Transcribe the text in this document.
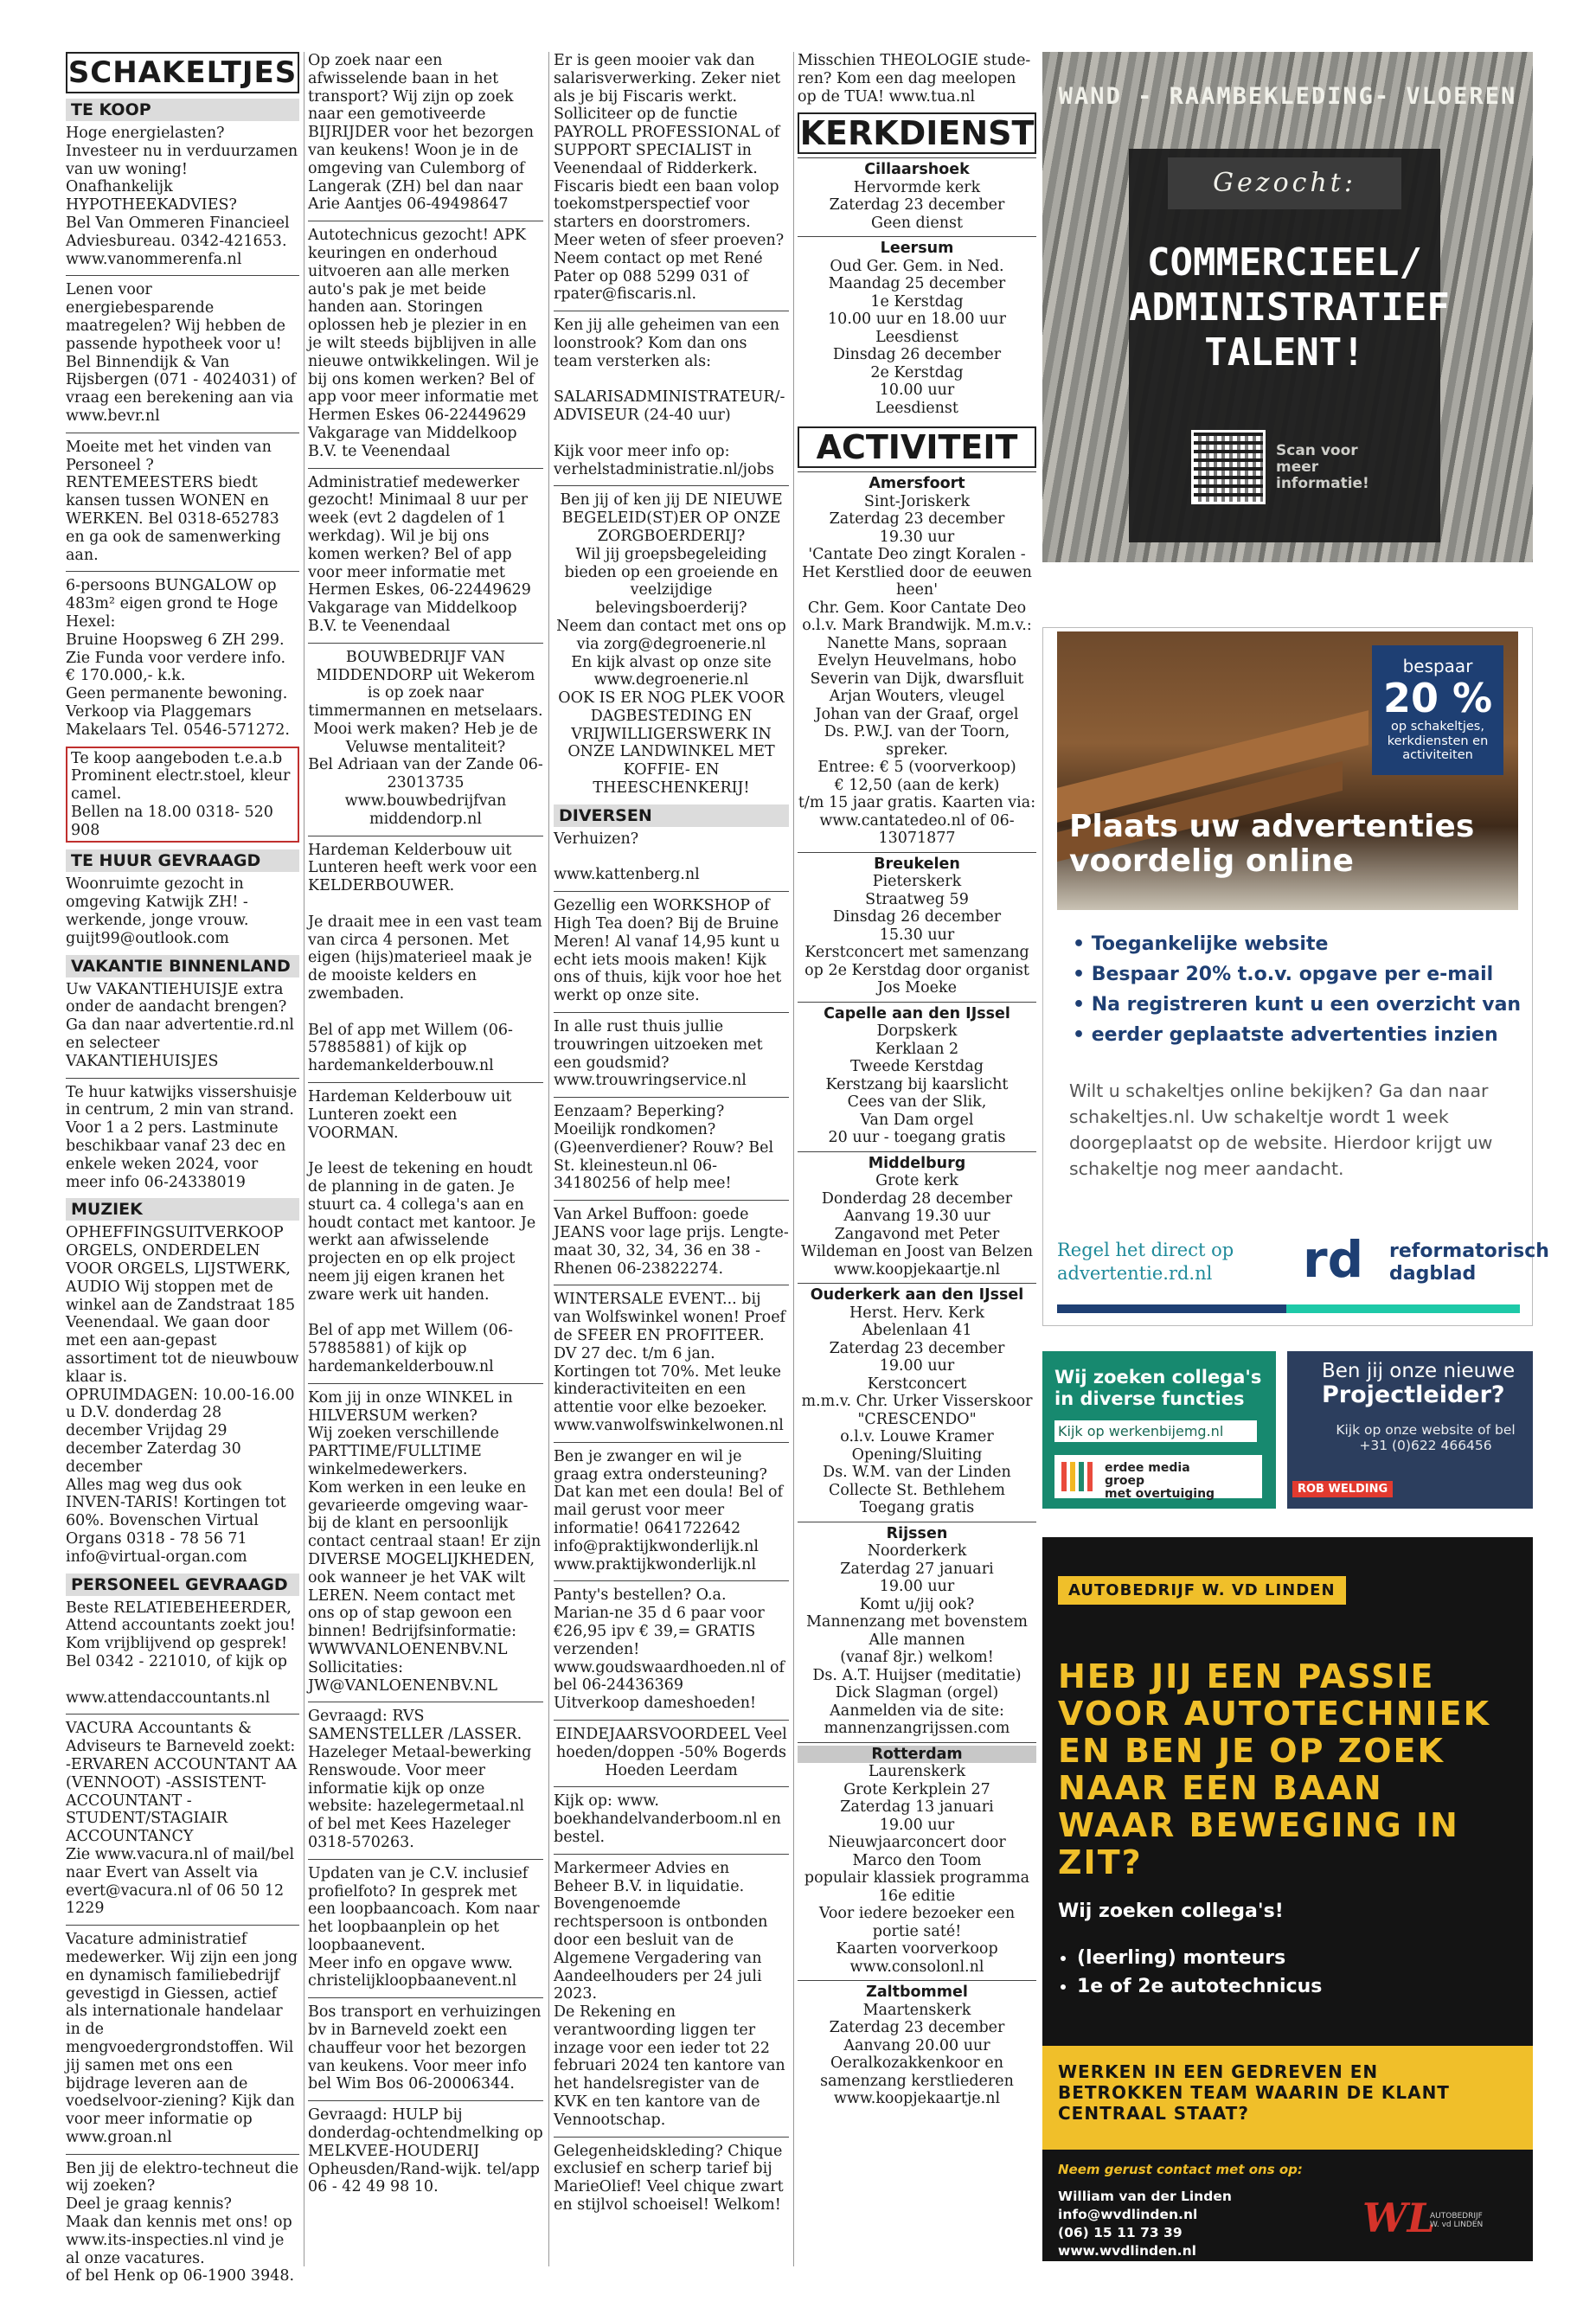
SCHAKELTJES
TE KOOP
Hoge energielasten? Investeer nu in verduurzamen van uw woning! Onafhankelijk HYPOTHEEKADVIES?
Bel Van Ommeren Financieel Adviesbureau. 0342-421653. www.vanommerenfa.nl
Lenen voor energiebesparende maatregelen? Wij hebben de passende hypotheek voor u! Bel Binnendijk & Van Rijsbergen (071 - 4024031) of vraag een berekening aan via www.bevr.nl
Moeite met het vinden van Personeel ? RENTEMEESTERS biedt kansen tussen WONEN en WERKEN. Bel 0318-652783 en ga ook de samenwerking aan.
6-persoons BUNGALOW op 483m² eigen grond te Hoge Hexel:
Bruine Hoopsweg 6 ZH 299. Zie Funda voor verdere info. € 170.000,- k.k.
Geen permanente bewoning. Verkoop via Plaggemars Makelaars Tel. 0546-571272.
Te koop aangeboden t.e.a.b Prominent electr.stoel, kleur camel.
Bellen na 18.00 0318- 520 908
TE HUUR GEVRAAGD
Woonruimte gezocht in omgeving Katwijk ZH! - werkende, jonge vrouw. guijt99@outlook.com
VAKANTIE BINNENLAND
Uw VAKANTIEHUISJE extra onder de aandacht brengen? Ga dan naar advertentie.rd.nl en selecteer VAKANTIEHUISJES
Te huur katwijks vissershuisje in centrum, 2 min van strand. Voor 1 a 2 pers. Lastminute beschikbaar vanaf 23 dec en enkele weken 2024, voor meer info 06-24338019
MUZIEK
OPHEFFINGSUITVERKOOP ORGELS, ONDERDELEN VOOR ORGELS, LIJSTWERK, AUDIO Wij stoppen met de winkel aan de Zandstraat 185 Veenendaal. We gaan door met een aan-gepast assortiment tot de nieuwbouw klaar is.
OPRUIMDAGEN: 10.00-16.00 u D.V. donderdag 28 december Vrijdag 29 december Zaterdag 30 december
Alles mag weg dus ook INVEN-TARIS! Kortingen tot 60%. Bovenschen Virtual Organs 0318 - 78 56 71 info@virtual-organ.com
PERSONEEL GEVRAAGD
Beste RELATIEBEHEERDER, Attend accountants zoekt jou! Kom vrijblijvend op gesprek! Bel 0342 - 221010, of kijk op

www.attendaccountants.nl
VACURA Accountants & Adviseurs te Barneveld zoekt: -ERVAREN ACCOUNTANT AA (VENNOOT) -ASSISTENT-ACCOUNTANT -STUDENT/STAGIAIR ACCOUNTANCY
Zie www.vacura.nl of mail/bel naar Evert van Asselt via evert@vacura.nl of 06 50 12 1229
Vacature administratief medewerker. Wij zijn een jong en dynamisch familiebedrijf gevestigd in Giessen, actief als internationale handelaar in de mengvoedergrondstoffen. Wil jij samen met ons een bijdrage leveren aan de voedselvoor-ziening? Kijk dan voor meer informatie op www.groan.nl
Ben jij de elektro-techneut die wij zoeken?
Deel je graag kennis?
Maak dan kennis met ons! op www.its-inspecties.nl vind je al onze vacatures.
of bel Henk op 06-1900 3948.
Op zoek naar een afwisselende baan in het transport? Wij zijn op zoek naar een gemotiveerde BIJRIJDER voor het bezorgen van keukens! Woon je in de omgeving van Culemborg of Langerak (ZH) bel dan naar Arie Aantjes 06-49498647
Autotechnicus gezocht! APK keuringen en onderhoud uitvoeren aan alle merken auto's pak je met beide handen aan. Storingen oplossen heb je plezier in en je wilt steeds bijblijven in alle nieuwe ontwikkelingen. Wil je bij ons komen werken? Bel of app voor meer informatie met Hermen Eskes 06-22449629 Vakgarage van Middelkoop B.V. te Veenendaal
Administratief medewerker gezocht! Minimaal 8 uur per week (evt 2 dagdelen of 1 werkdag). Wil je bij ons komen werken? Bel of app voor meer informatie met Hermen Eskes, 06-22449629 Vakgarage van Middelkoop B.V. te Veenendaal
BOUWBEDRIJF VAN MIDDENDORP uit Wekerom is op zoek naar timmermannen en metselaars.
Mooi werk maken? Heb je de Veluwse mentaliteit?
Bel Adriaan van der Zande 06-23013735 www.bouwbedrijfvan middendorp.nl
Hardeman Kelderbouw uit Lunteren heeft werk voor een KELDERBOUWER.

Je draait mee in een vast team van circa 4 personen. Met eigen (hijs)materieel maak je de mooiste kelders en zwembaden.

Bel of app met Willem (06-57885881) of kijk op hardemankelderbouw.nl
Hardeman Kelderbouw uit Lunteren zoekt een VOORMAN.

Je leest de tekening en houdt de planning in de gaten. Je stuurt ca. 4 collega's aan en houdt contact met kantoor. Je werkt aan afwisselende projecten en op elk project neem jij eigen kranen het zware werk uit handen.

Bel of app met Willem (06-57885881) of kijk op hardemankelderbouw.nl
Kom jij in onze WINKEL in HILVERSUM werken?
Wij zoeken verschillende PARTTIME/FULLTIME winkelmedewerkers.
Kom werken in een leuke en gevarieerde omgeving waar-bij de klant en persoonlijk contact centraal staan! Er zijn DIVERSE MOGELIJKHEDEN, ook wanneer je het VAK wilt LEREN. Neem contact met ons op of stap gewoon een binnen! Bedrijfsinformatie: WWWVANLOENENBV.NL
Sollicitaties: JW@VANLOENENBV.NL
Gevraagd: RVS SAMENSTELLER /LASSER. Hazeleger Metaal-bewerking Renswoude. Voor meer informatie kijk op onze website: hazelegermetaal.nl of bel met Kees Hazeleger 0318-570263.
Updaten van je C.V. inclusief profielfoto? In gesprek met een loopbaancoach. Kom naar het loopbaanplein op het loopbaanevent.
Meer info en opgave www. christelijkloopbaanevent.nl
Bos transport en verhuizingen bv in Barneveld zoekt een chauffeur voor het bezorgen van keukens. Voor meer info bel Wim Bos 06-20006344.
Gevraagd: HULP bij donderdag-ochtendmelking op MELKVEE-HOUDERIJ Opheusden/Rand-wijk. tel/app 06 - 42 49 98 10.
Er is geen mooier vak dan salarisverwerking. Zeker niet als je bij Fiscaris werkt. Solliciteer op de functie PAYROLL PROFESSIONAL of SUPPORT SPECIALIST in Veenendaal of Ridderkerk. Fiscaris biedt een baan volop toekomstperspectief voor starters en doorstromers. Meer weten of sfeer proeven? Neem contact op met René Pater op 088 5299 031 of rpater@fiscaris.nl.
Ken jij alle geheimen van een loonstrook? Kom dan ons team versterken als:

SALARISADMINISTRATEUR/-ADVISEUR (24-40 uur)

Kijk voor meer info op: verhelstadministratie.nl/jobs
Ben jij of ken jij DE NIEUWE BEGELEID(ST)ER OP ONZE ZORGBOERDERIJ?
Wil jij groepsbegeleiding bieden op een groeiende en veelzijdige belevingsboerderij?
Neem dan contact met ons op via zorg@degroenerie.nl
En kijk alvast op onze site www.degroenerie.nl
OOK IS ER NOG PLEK VOOR DAGBESTEDING EN VRIJWILLIGERSWERK IN ONZE LANDWINKEL MET KOFFIE- EN THEESCHENKERIJ!
DIVERSEN
Verhuizen?

www.kattenberg.nl
Gezellig een WORKSHOP of High Tea doen? Bij de Bruine Meren! Al vanaf 14,95 kunt u echt iets moois maken! Kijk ons of thuis, kijk voor hoe het werkt op onze site.
In alle rust thuis jullie trouwringen uitzoeken met een goudsmid?
www.trouwringservice.nl
Eenzaam? Beperking? Moeilijk rondkomen? (G)eenverdiener? Rouw? Bel St. kleinesteun.nl 06-34180256 of help mee!
Van Arkel Buffoon: goede JEANS voor lage prijs. Lengte-maat 30, 32, 34, 36 en 38 - Rhenen 06-23822274.
WINTERSALE EVENT... bij van Wolfswinkel wonen! Proef de SFEER EN PROFITEER.
DV 27 dec. t/m 6 jan. Kortingen tot 70%. Met leuke kinderactiviteiten en een attentie voor elke bezoeker. www.vanwolfswinkelwonen.nl
Ben je zwanger en wil je graag extra ondersteuning?
Dat kan met een doula! Bel of mail gerust voor meer informatie! 0641722642 info@praktijkwonderlijk.nl www.praktijkwonderlijk.nl
Panty's bestellen? O.a. Marian-ne 35 d 6 paar voor €26,95 ipv € 39,= GRATIS verzenden! www.goudswaardhoeden.nl of bel 06-24436369
Uitverkoop dameshoeden!
EINDEJAARSVOORDEEL Veel hoeden/doppen -50% Bogerds Hoeden Leerdam
Kijk op: www. boekhandelvanderboom.nl en bestel.
Markermeer Advies en Beheer B.V. in liquidatie.
Bovengenoemde rechtspersoon is ontbonden door een besluit van de Algemene Vergadering van Aandeelhouders per 24 juli 2023.
De Rekening en verantwoording liggen ter inzage voor een ieder tot 22 februari 2024 ten kantore van het handelsregister van de KVK en ten kantore van de Vennootschap.
Gelegenheidskleding? Chique exclusief en scherp tarief bij MarieOlief! Veel chique zwart en stijlvol schoeisel! Welkom!
Misschien THEOLOGIE stude-ren? Kom een dag meelopen op de TUA! www.tua.nl
KERKDIENST
Cillaarshoek
Hervormde kerk
Zaterdag 23 december
Geen dienst
Leersum
Oud Ger. Gem. in Ned.
Maandag 25 december
1e Kerstdag
10.00 uur en 18.00 uur
Leesdienst
Dinsdag 26 december
2e Kerstdag
10.00 uur
Leesdienst
ACTIVITEIT
Amersfoort
Sint-Joriskerk
Zaterdag 23 december
19.30 uur
'Cantate Deo zingt Koralen - Het Kerstlied door de eeuwen heen'
Chr. Gem. Koor Cantate Deo o.l.v. Mark Brandwijk. M.m.v.:
Nanette Mans, sopraan
Evelyn Heuvelmans, hobo
Severin van Dijk, dwarsfluit
Arjan Wouters, vleugel
Johan van der Graaf, orgel
Ds. P.W.J. van der Toorn, spreker.
Entree: € 5 (voorverkoop)
€ 12,50 (aan de kerk)
t/m 15 jaar gratis. Kaarten via: www.cantatedeo.nl of 06-13071877
Breukelen
Pieterskerk
Straatweg 59
Dinsdag 26 december
15.30 uur
Kerstconcert met samenzang op 2e Kerstdag door organist Jos Moeke
Capelle aan den IJssel
Dorpskerk
Kerklaan 2
Tweede Kerstdag
Kerstzang bij kaarslicht
Cees van der Slik,
Van Dam orgel
20 uur - toegang gratis
Middelburg
Grote kerk
Donderdag 28 december
Aanvang 19.30 uur
Zangavond met Peter Wildeman en Joost van Belzen
www.koopjekaartje.nl
Ouderkerk aan den IJssel
Herst. Herv. Kerk
Abelenlaan 41
Zaterdag 23 december
19.00 uur
Kerstconcert
m.m.v. Chr. Urker Visserskoor "CRESCENDO"
o.l.v. Louwe Kramer
Opening/Sluiting
Ds. W.M. van der Linden
Collecte St. Bethlehem
Toegang gratis
Rijssen
Noorderkerk
Zaterdag 27 januari
19.00 uur
Komt u/jij ook?
Mannenzang met bovenstem
Alle mannen
(vanaf 8jr.) welkom!
Ds. A.T. Huijser (meditatie)
Dick Slagman (orgel)
Aanmelden via de site: mannenzangrijssen.com
Rotterdam
Laurenskerk
Grote Kerkplein 27
Zaterdag 13 januari
19.00 uur
Nieuwjaarconcert door
Marco den Toom
populair klassiek programma
16e editie
Voor iedere bezoeker een portie saté!
Kaarten voorverkoop
www.consolonl.nl
Zaltbommel
Maartenskerk
Zaterdag 23 december
Aanvang 20.00 uur
Oeralkozakkenkoor en samenzang kerstliederen
www.koopjekaartje.nl
WAND - RAAMBEKLEDING- VLOEREN
Gezocht:
COMMERCIEEL/
ADMINISTRATIEF
TALENT!
Scan voor
meer
informatie!
WOONDECORGOUDA.NL
bespaar
20 %
op schakeltjes,
kerkdiensten en
activiteiten
Plaats uw advertenties
voordelig online
• Toegankelijke website
• Bespaar 20% t.o.v. opgave per e-mail
• Na registreren kunt u een overzicht van
• eerder geplaatste advertenties inzien
Wilt u schakeltjes online bekijken? Ga dan naar schakeltjes.nl. Uw schakeltje wordt 1 week doorgeplaatst op de website. Hierdoor krijgt uw schakeltje nog meer aandacht.
Regel het direct op
advertentie.rd.nl	rd reformatorisch
dagblad
Wij zoeken collega's
in diverse functies
Kijk op werkenbijemg.nl
erdee media
groep
met overtuiging
Ben jij onze nieuwe
Projectleider?
Kijk op onze website of bel +31 (0)622 466456
ROB WELDING
AUTOBEDRIJF W. VD LINDEN
HEB JIJ EEN PASSIE
VOOR AUTOTECHNIEK
EN BEN JE OP ZOEK
NAAR EEN BAAN
WAAR BEWEGING IN
ZIT?
Wij zoeken collega's!
• (leerling) monteurs
• 1e of 2e autotechnicus
WERKEN IN EEN GEDREVEN EN
BETROKKEN TEAM WAARIN DE KLANT
CENTRAAL STAAT?
Neem gerust contact met ons op:
William van der Linden
info@wvdlinden.nl
(06) 15 11 73 39
www.wvdlinden.nl
WL
AUTOBEDRIJF
W. vd LINDEN
